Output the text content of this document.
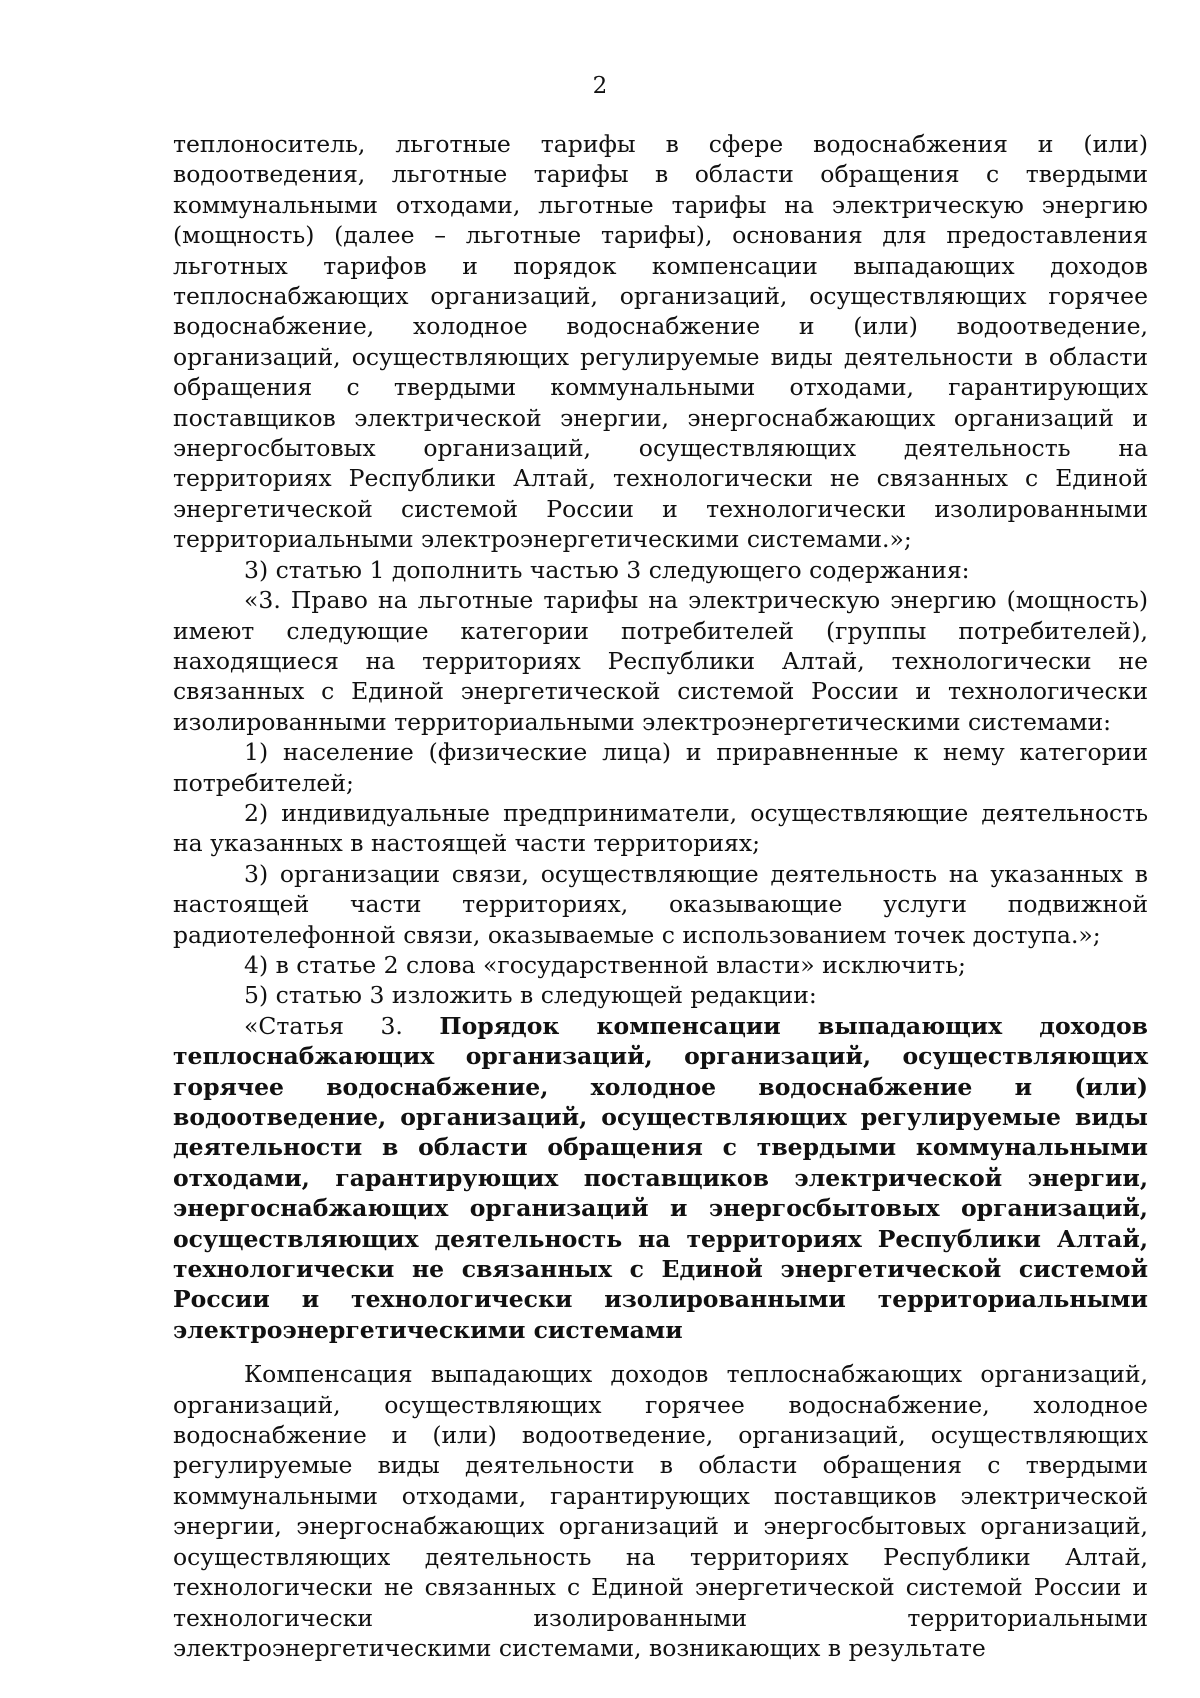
2

теплоноситель, льготные тарифы в сфере водоснабжения и (или) водоотведения, льготные тарифы в области обращения с твердыми коммунальными отходами, льготные тарифы на электрическую энергию (мощность) (далее – льготные тарифы), основания для предоставления льготных тарифов и порядок компенсации выпадающих доходов теплоснабжающих организаций, организаций, осуществляющих горячее водоснабжение, холодное водоснабжение и (или) водоотведение, организаций, осуществляющих регулируемые виды деятельности в области обращения с твердыми коммунальными отходами, гарантирующих поставщиков электрической энергии, энергоснабжающих организаций и энергосбытовых организаций, осуществляющих деятельность на территориях Республики Алтай, технологически не связанных с Единой энергетической системой России и технологически изолированными территориальными электроэнергетическими системами.»;

3) статью 1 дополнить частью 3 следующего содержания:

«3. Право на льготные тарифы на электрическую энергию (мощность) имеют следующие категории потребителей (группы потребителей), находящиеся на территориях Республики Алтай, технологически не связанных с Единой энергетической системой России и технологически изолированными территориальными электроэнергетическими системами:

1) население (физические лица) и приравненные к нему категории потребителей;

2) индивидуальные предприниматели, осуществляющие деятельность на указанных в настоящей части территориях;

3) организации связи, осуществляющие деятельность на указанных в настоящей части территориях, оказывающие услуги подвижной радиотелефонной связи, оказываемые с использованием точек доступа.»;

4) в статье 2 слова «государственной власти» исключить;

5) статью 3 изложить в следующей редакции:

«Статья 3. Порядок компенсации выпадающих доходов теплоснабжающих организаций, организаций, осуществляющих горячее водоснабжение, холодное водоснабжение и (или) водоотведение, организаций, осуществляющих регулируемые виды деятельности в области обращения с твердыми коммунальными отходами, гарантирующих поставщиков электрической энергии, энергоснабжающих организаций и энергосбытовых организаций, осуществляющих деятельность на территориях Республики Алтай, технологически не связанных с Единой энергетической системой России и технологически изолированными территориальными электроэнергетическими системами

Компенсация выпадающих доходов теплоснабжающих организаций, организаций, осуществляющих горячее водоснабжение, холодное водоснабжение и (или) водоотведение, организаций, осуществляющих регулируемые виды деятельности в области обращения с твердыми коммунальными отходами, гарантирующих поставщиков электрической энергии, энергоснабжающих организаций и энергосбытовых организаций, осуществляющих деятельность на территориях Республики Алтай, технологически не связанных с Единой энергетической системой России и технологически изолированными территориальными электроэнергетическими системами, возникающих в результате
